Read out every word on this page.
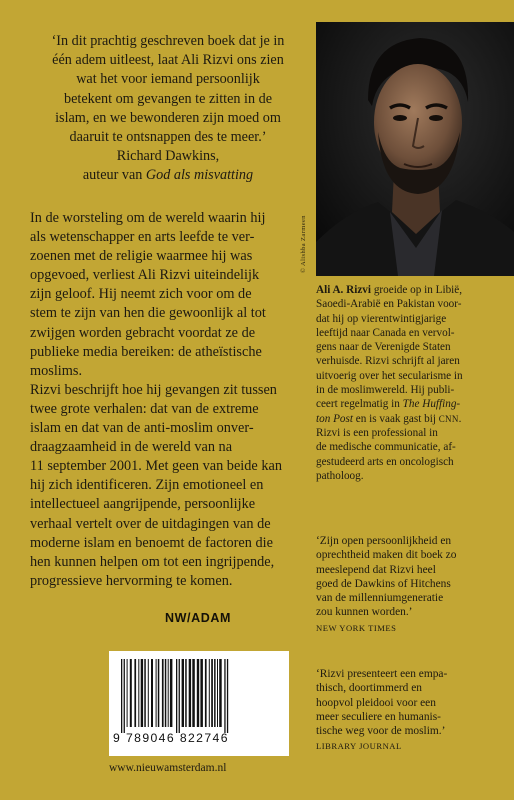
‘In dit prachtig geschreven boek dat je in
één adem uitleest, laat Ali Rizvi ons zien
wat het voor iemand persoonlijk
betekent om gevangen te zitten in de
islam, en we bewonderen zijn moed om
daaruit te ontsnappen des te meer.’
Richard Dawkins,
auteur van God als misvatting
© Alishba Zarmeen
In de worsteling om de wereld waarin hij
als wetenschapper en arts leefde te ver-
zoenen met de religie waarmee hij was
opgevoed, verliest Ali Rizvi uiteindelijk
zijn geloof. Hij neemt zich voor om de
stem te zijn van hen die gewoonlijk al tot
zwijgen worden gebracht voordat ze de
publieke media bereiken: de atheïstische
moslims.
Rizvi beschrijft hoe hij gevangen zit tussen
twee grote verhalen: dat van de extreme
islam en dat van de anti-moslim onver-
draagzaamheid in de wereld van na
11 september 2001. Met geen van beide kan
hij zich identificeren. Zijn emotioneel en
intellectueel aangrijpende, persoonlijke
verhaal vertelt over de uitdagingen van de
moderne islam en benoemt de factoren die
hen kunnen helpen om tot een ingrijpende,
progressieve hervorming te komen.
Ali A. Rizvi groeide op in Libië,
Saoedi-Arabië en Pakistan voor-
dat hij op vierentwintigjarige
leeftijd naar Canada en vervol-
gens naar de Verenigde Staten
verhuisde. Rizvi schrijft al jaren
uitvoerig over het secularisme in
in de moslimwereld. Hij publi-
ceert regelmatig in The Huffing-
ton Post en is vaak gast bij CNN.
Rizvi is een professional in
de medische communicatie, af-
gestudeerd arts en oncologisch
patholoog.
‘Zijn open persoonlijkheid en
oprechtheid maken dit boek zo
meeslepend dat Rizvi heel
goed de Dawkins of Hitchens
van de millenniumgeneratie
zou kunnen worden.’
NEW YORK TIMES
‘Rizvi presenteert een empa-
thisch, doortimmerd en
hoopvol pleidooi voor een
meer seculiere en humanis-
tische weg voor de moslim.’
LIBRARY JOURNAL
NW/ADAM
9 789046 822746
www.nieuwamsterdam.nl
